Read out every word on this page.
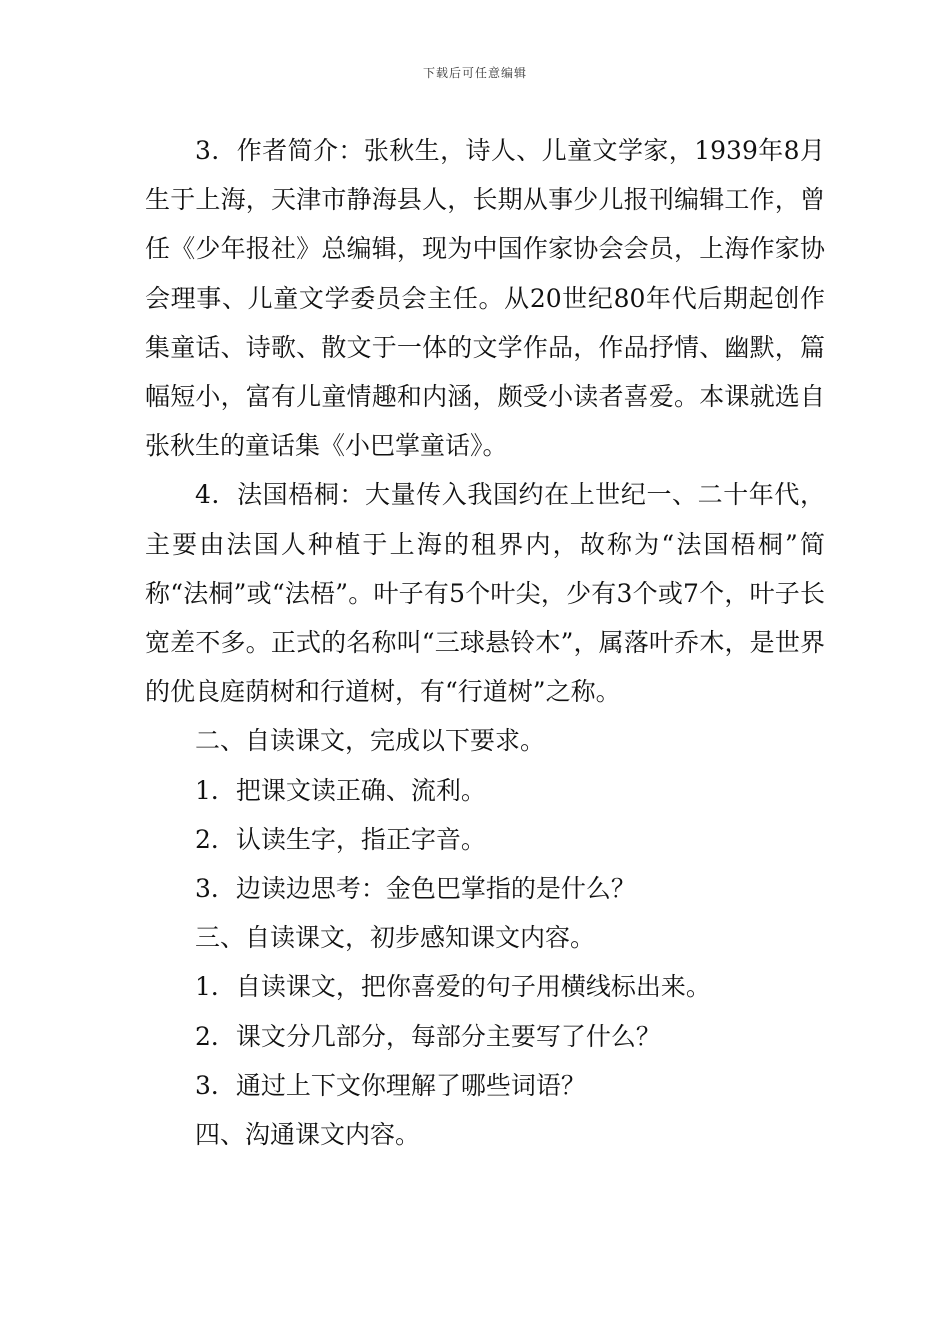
下载后可任意编辑

3．作者简介：张秋生，诗人、儿童文学家，1939年8月生于上海，天津市静海县人，长期从事少儿报刊编辑工作，曾任《少年报社》总编辑，现为中国作家协会会员，上海作家协会理事、儿童文学委员会主任。从20世纪80年代后期起创作集童话、诗歌、散文于一体的文学作品，作品抒情、幽默，篇幅短小，富有儿童情趣和内涵，颇受小读者喜爱。本课就选自张秋生的童话集《小巴掌童话》。

4．法国梧桐：大量传入我国约在上世纪一、二十年代，主要由法国人种植于上海的租界内，故称为“法国梧桐”简称“法桐”或“法梧”。叶子有5个叶尖，少有3个或7个，叶子长宽差不多。正式的名称叫“三球悬铃木”，属落叶乔木，是世界的优良庭荫树和行道树，有“行道树”之称。

二、自读课文，完成以下要求。

1．把课文读正确、流利。

2．认读生字，指正字音。

3．边读边思考：金色巴掌指的是什么？

三、自读课文，初步感知课文内容。

1．自读课文，把你喜爱的句子用横线标出来。

2．课文分几部分，每部分主要写了什么？

3．通过上下文你理解了哪些词语？

四、沟通课文内容。
